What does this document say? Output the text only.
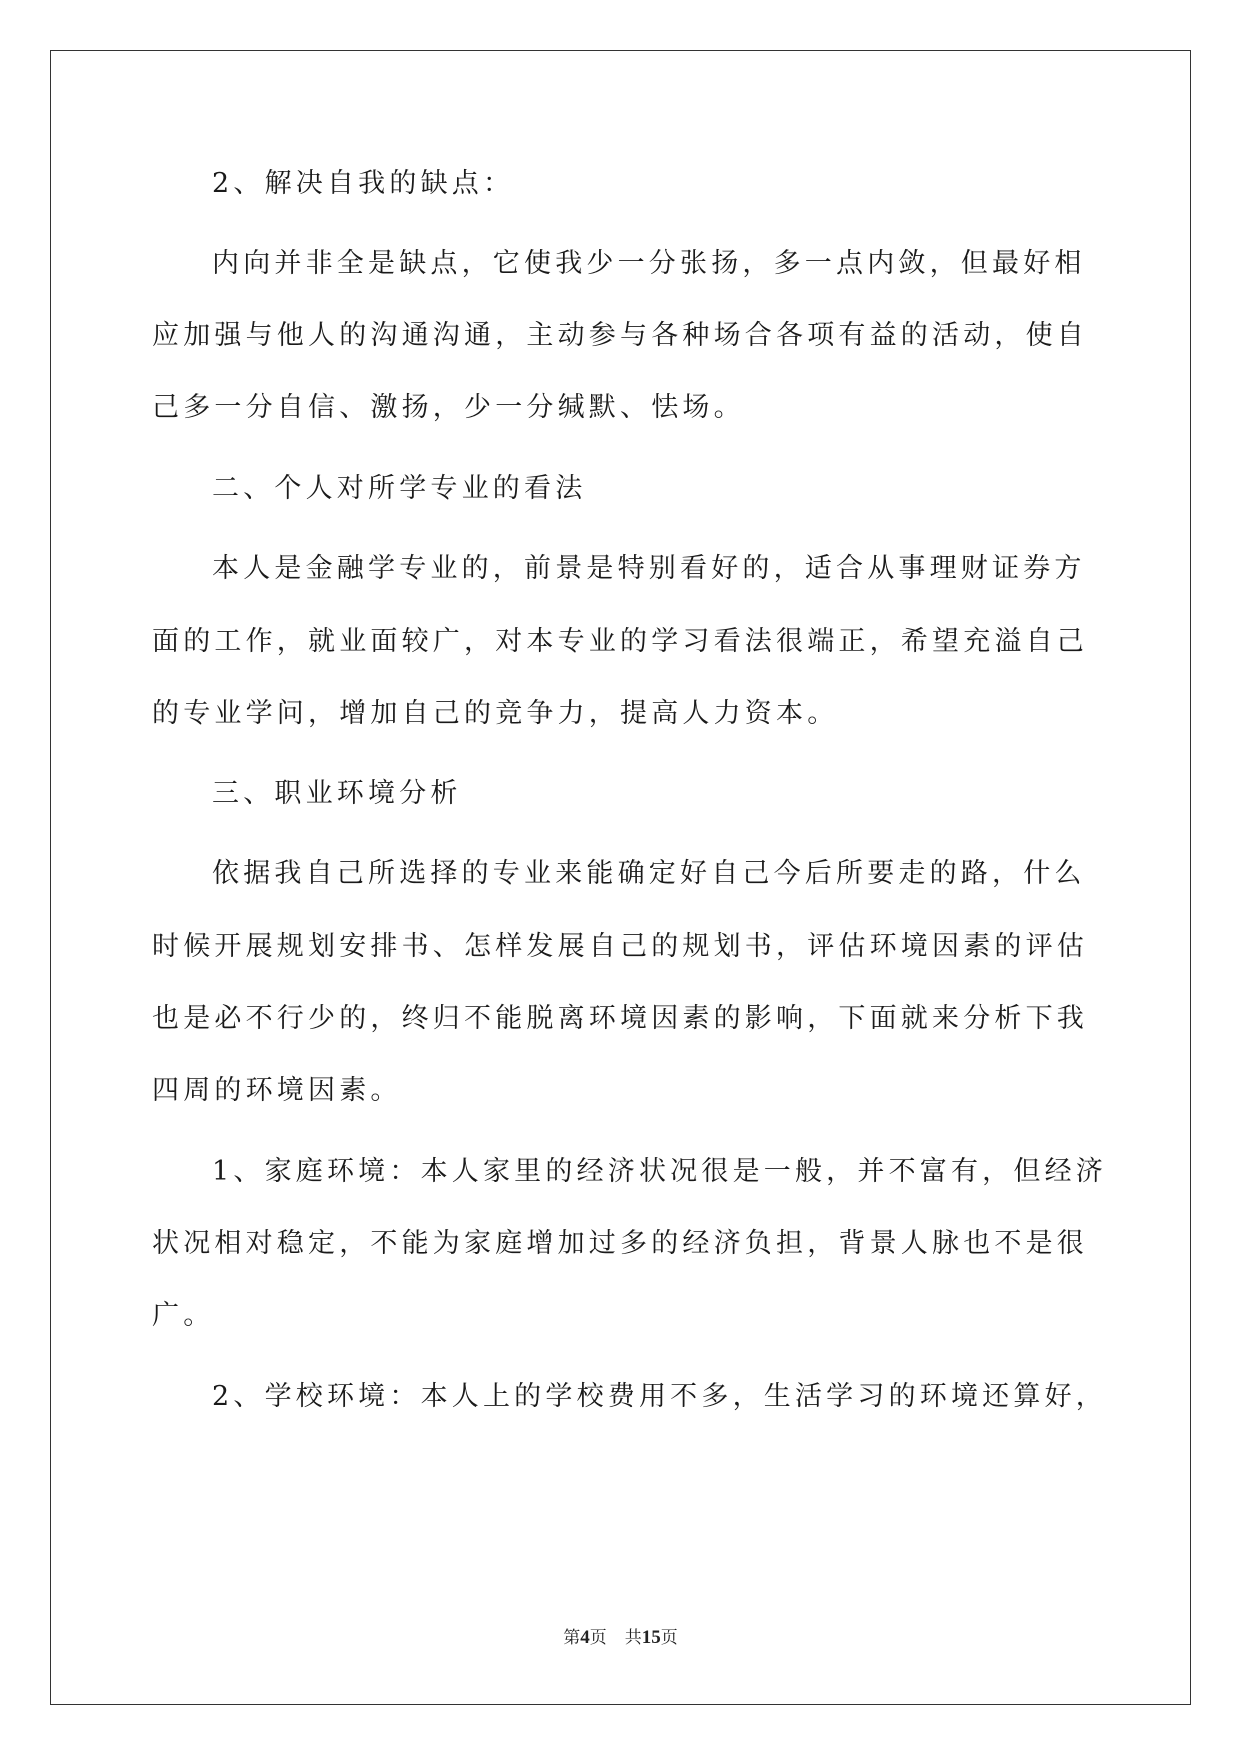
2、解决自我的缺点：
内向并非全是缺点，它使我少一分张扬，多一点内敛，但最好相
应加强与他人的沟通沟通，主动参与各种场合各项有益的活动，使自
己多一分自信、激扬，少一分缄默、怯场。
二、个人对所学专业的看法
本人是金融学专业的，前景是特别看好的，适合从事理财证券方
面的工作，就业面较广，对本专业的学习看法很端正，希望充溢自己
的专业学问，增加自己的竞争力，提高人力资本。
三、职业环境分析
依据我自己所选择的专业来能确定好自己今后所要走的路，什么
时候开展规划安排书、怎样发展自己的规划书，评估环境因素的评估
也是必不行少的，终归不能脱离环境因素的影响，下面就来分析下我
四周的环境因素。
1、家庭环境：本人家里的经济状况很是一般，并不富有，但经济
状况相对稳定，不能为家庭增加过多的经济负担，背景人脉也不是很
广。
2、学校环境：本人上的学校费用不多，生活学习的环境还算好，
第4页 共15页
